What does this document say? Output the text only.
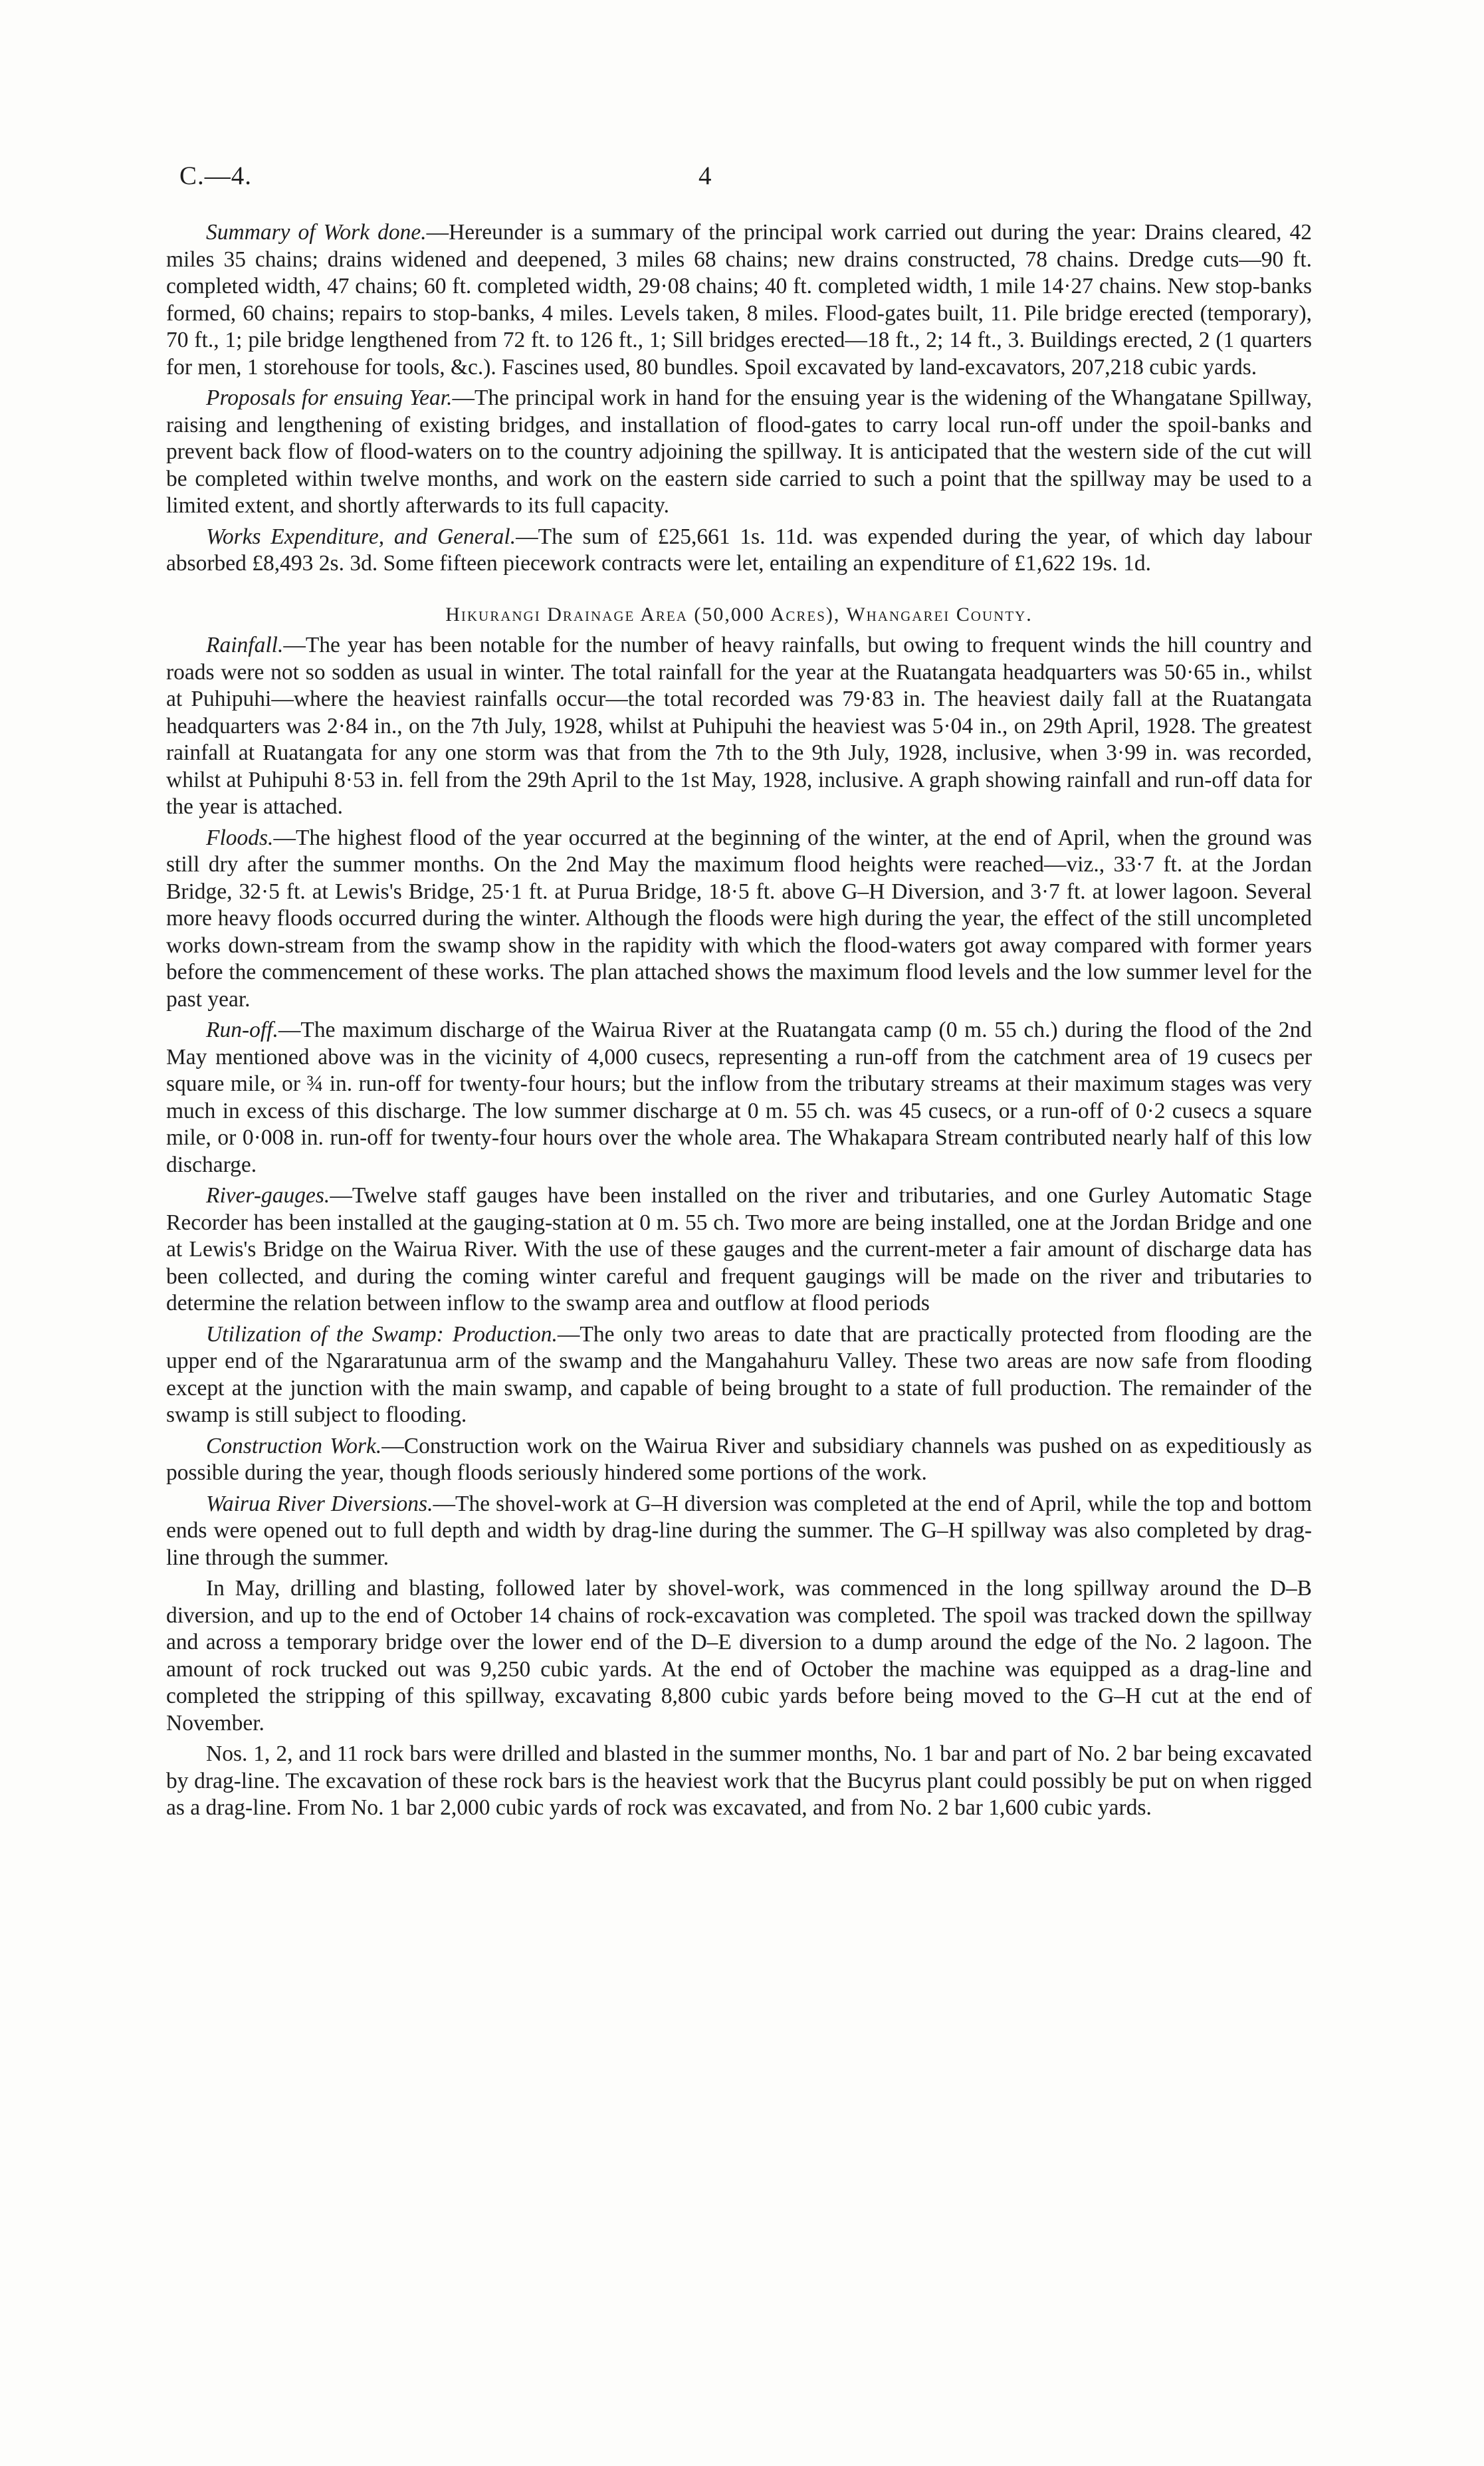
C.—4.	4

Summary of Work done.—Hereunder is a summary of the principal work carried out during the year: Drains cleared, 42 miles 35 chains; drains widened and deepened, 3 miles 68 chains; new drains constructed, 78 chains. Dredge cuts—90 ft. completed width, 47 chains; 60 ft. completed width, 29·08 chains; 40 ft. completed width, 1 mile 14·27 chains. New stop-banks formed, 60 chains; repairs to stop-banks, 4 miles. Levels taken, 8 miles. Flood-gates built, 11. Pile bridge erected (temporary), 70 ft., 1; pile bridge lengthened from 72 ft. to 126 ft., 1; Sill bridges erected—18 ft., 2; 14 ft., 3. Buildings erected, 2 (1 quarters for men, 1 storehouse for tools, &c.). Fascines used, 80 bundles. Spoil excavated by land-excavators, 207,218 cubic yards.

Proposals for ensuing Year.—The principal work in hand for the ensuing year is the widening of the Whangatane Spillway, raising and lengthening of existing bridges, and installation of flood-gates to carry local run-off under the spoil-banks and prevent back flow of flood-waters on to the country adjoining the spillway. It is anticipated that the western side of the cut will be completed within twelve months, and work on the eastern side carried to such a point that the spillway may be used to a limited extent, and shortly afterwards to its full capacity.

Works Expenditure, and General.—The sum of £25,661 1s. 11d. was expended during the year, of which day labour absorbed £8,493 2s. 3d. Some fifteen piecework contracts were let, entailing an expenditure of £1,622 19s. 1d.

Hikurangi Drainage Area (50,000 Acres), Whangarei County.

Rainfall.—The year has been notable for the number of heavy rainfalls, but owing to frequent winds the hill country and roads were not so sodden as usual in winter. The total rainfall for the year at the Ruatangata headquarters was 50·65 in., whilst at Puhipuhi—where the heaviest rainfalls occur—the total recorded was 79·83 in. The heaviest daily fall at the Ruatangata headquarters was 2·84 in., on the 7th July, 1928, whilst at Puhipuhi the heaviest was 5·04 in., on 29th April, 1928. The greatest rainfall at Ruatangata for any one storm was that from the 7th to the 9th July, 1928, inclusive, when 3·99 in. was recorded, whilst at Puhipuhi 8·53 in. fell from the 29th April to the 1st May, 1928, inclusive. A graph showing rainfall and run-off data for the year is attached.

Floods.—The highest flood of the year occurred at the beginning of the winter, at the end of April, when the ground was still dry after the summer months. On the 2nd May the maximum flood heights were reached—viz., 33·7 ft. at the Jordan Bridge, 32·5 ft. at Lewis's Bridge, 25·1 ft. at Purua Bridge, 18·5 ft. above G–H Diversion, and 3·7 ft. at lower lagoon. Several more heavy floods occurred during the winter. Although the floods were high during the year, the effect of the still uncompleted works down-stream from the swamp show in the rapidity with which the flood-waters got away compared with former years before the commencement of these works. The plan attached shows the maximum flood levels and the low summer level for the past year.

Run-off.—The maximum discharge of the Wairua River at the Ruatangata camp (0 m. 55 ch.) during the flood of the 2nd May mentioned above was in the vicinity of 4,000 cusecs, representing a run-off from the catchment area of 19 cusecs per square mile, or ¾ in. run-off for twenty-four hours; but the inflow from the tributary streams at their maximum stages was very much in excess of this discharge. The low summer discharge at 0 m. 55 ch. was 45 cusecs, or a run-off of 0·2 cusecs a square mile, or 0·008 in. run-off for twenty-four hours over the whole area. The Whakapara Stream contributed nearly half of this low discharge.

River-gauges.—Twelve staff gauges have been installed on the river and tributaries, and one Gurley Automatic Stage Recorder has been installed at the gauging-station at 0 m. 55 ch. Two more are being installed, one at the Jordan Bridge and one at Lewis's Bridge on the Wairua River. With the use of these gauges and the current-meter a fair amount of discharge data has been collected, and during the coming winter careful and frequent gaugings will be made on the river and tributaries to determine the relation between inflow to the swamp area and outflow at flood periods

Utilization of the Swamp: Production.—The only two areas to date that are practically protected from flooding are the upper end of the Ngararatunua arm of the swamp and the Mangahahuru Valley. These two areas are now safe from flooding except at the junction with the main swamp, and capable of being brought to a state of full production. The remainder of the swamp is still subject to flooding.

Construction Work.—Construction work on the Wairua River and subsidiary channels was pushed on as expeditiously as possible during the year, though floods seriously hindered some portions of the work.

Wairua River Diversions.—The shovel-work at G–H diversion was completed at the end of April, while the top and bottom ends were opened out to full depth and width by drag-line during the summer. The G–H spillway was also completed by drag-line through the summer.

In May, drilling and blasting, followed later by shovel-work, was commenced in the long spillway around the D–B diversion, and up to the end of October 14 chains of rock-excavation was completed. The spoil was tracked down the spillway and across a temporary bridge over the lower end of the D–E diversion to a dump around the edge of the No. 2 lagoon. The amount of rock trucked out was 9,250 cubic yards. At the end of October the machine was equipped as a drag-line and completed the stripping of this spillway, excavating 8,800 cubic yards before being moved to the G–H cut at the end of November.

Nos. 1, 2, and 11 rock bars were drilled and blasted in the summer months, No. 1 bar and part of No. 2 bar being excavated by drag-line. The excavation of these rock bars is the heaviest work that the Bucyrus plant could possibly be put on when rigged as a drag-line. From No. 1 bar 2,000 cubic yards of rock was excavated, and from No. 2 bar 1,600 cubic yards.
